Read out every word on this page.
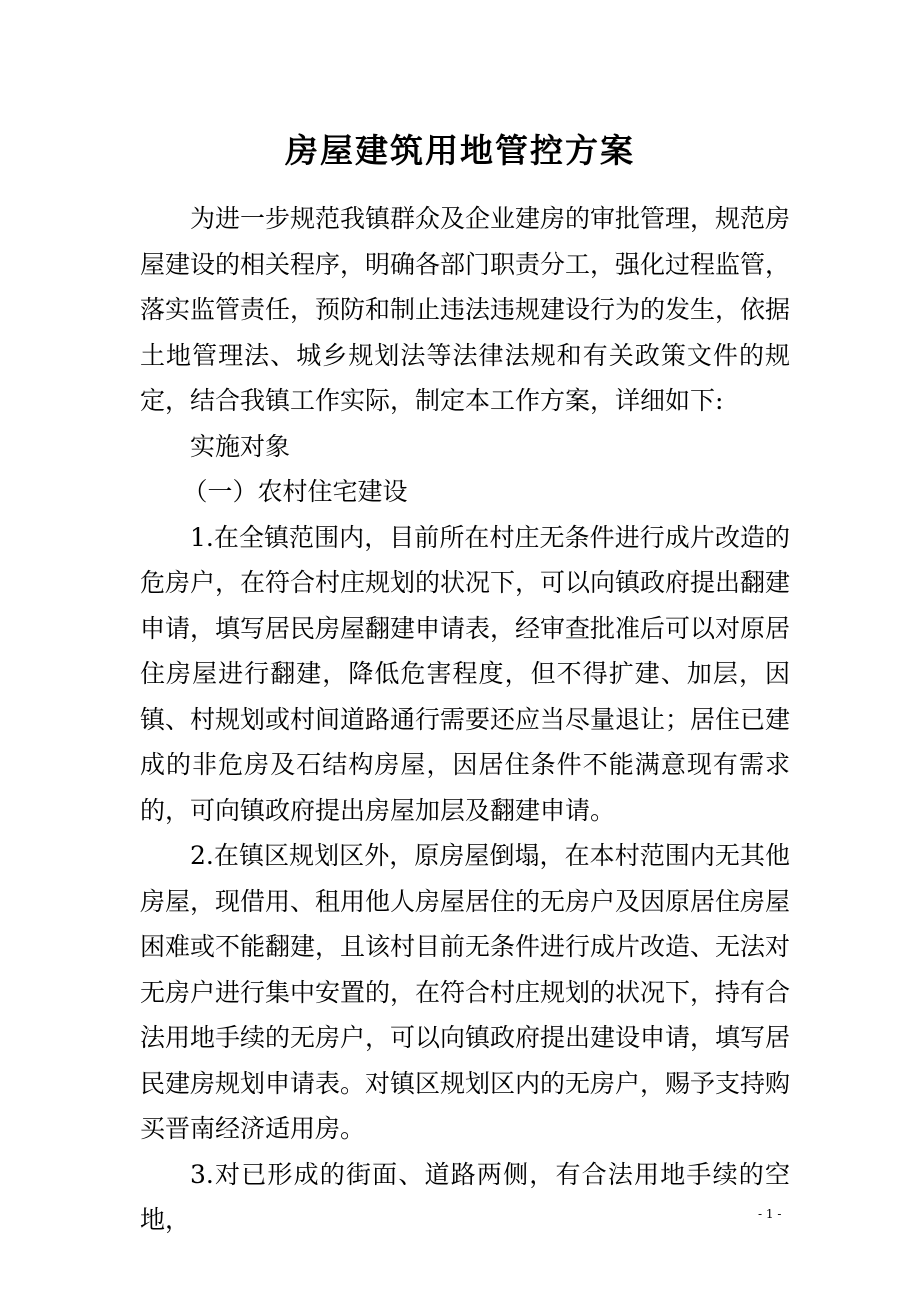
房屋建筑用地管控方案

为进一步规范我镇群众及企业建房的审批管理，规范房屋建设的相关程序，明确各部门职责分工，强化过程监管，落实监管责任，预防和制止违法违规建设行为的发生，依据土地管理法、城乡规划法等法律法规和有关政策文件的规定，结合我镇工作实际，制定本工作方案，详细如下:

实施对象

（一）农村住宅建设

1.在全镇范围内，目前所在村庄无条件进行成片改造的危房户，在符合村庄规划的状况下，可以向镇政府提出翻建申请，填写居民房屋翻建申请表，经审查批准后可以对原居住房屋进行翻建，降低危害程度，但不得扩建、加层，因镇、村规划或村间道路通行需要还应当尽量退让；居住已建成的非危房及石结构房屋，因居住条件不能满意现有需求的，可向镇政府提出房屋加层及翻建申请。

2.在镇区规划区外，原房屋倒塌，在本村范围内无其他房屋，现借用、租用他人房屋居住的无房户及因原居住房屋困难或不能翻建，且该村目前无条件进行成片改造、无法对无房户进行集中安置的，在符合村庄规划的状况下，持有合法用地手续的无房户，可以向镇政府提出建设申请，填写居民建房规划申请表。对镇区规划区内的无房户，赐予支持购买晋南经济适用房。

3.对已形成的街面、道路两侧，有合法用地手续的空地，	- 1 -
